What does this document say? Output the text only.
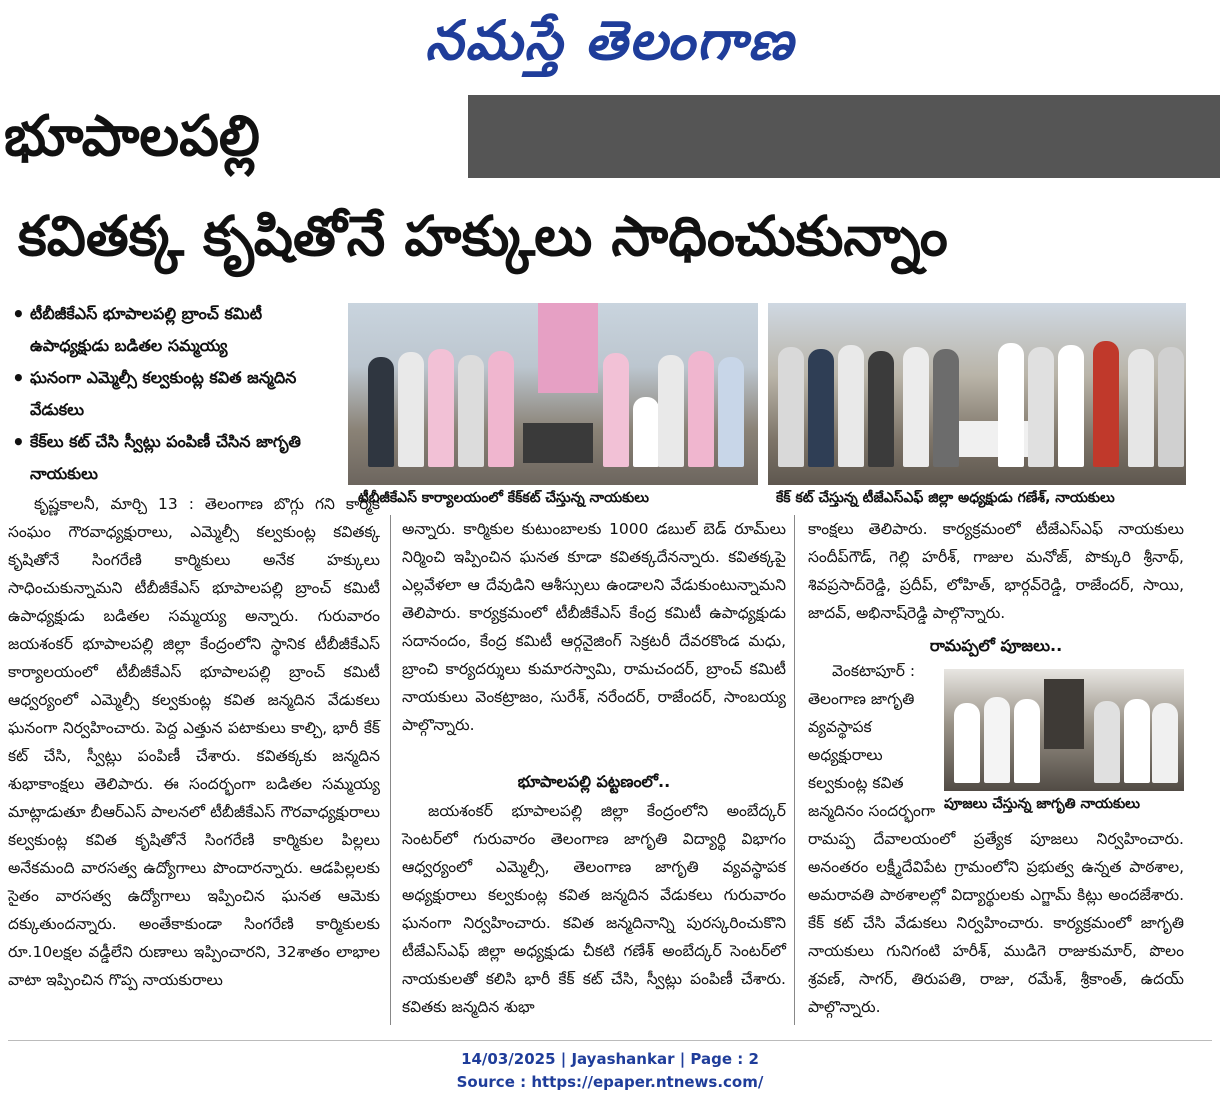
నమస్తే తెలంగాణ
భూపాలపల్లి
కవితక్క కృషితోనే హక్కులు సాధించుకున్నాం
• టీబీజీకేఎస్ భూపాలపల్లి బ్రాంచ్ కమిటీ ఉపాధ్యక్షుడు బడితల సమ్మయ్య
• ఘనంగా ఎమ్మెల్సీ కల్వకుంట్ల కవిత జన్మదిన వేడుకలు
• కేక్‌లు కట్ చేసి స్వీట్లు పంపిణీ చేసిన జాగృతి నాయకులు
టీబీజీకేఎస్ కార్యాలయంలో కేక్‌కట్ చేస్తున్న నాయకులు	కేక్ కట్ చేస్తున్న టీజేఎస్‌ఎఫ్ జిల్లా అధ్యక్షుడు గణేశ్, నాయకులు

కృష్ణకాలనీ, మార్చి 13 : తెలంగాణ బొగ్గు గని కార్మిక సంఘం గౌరవాధ్యక్షురాలు, ఎమ్మెల్సీ కల్వకుంట్ల కవితక్క కృషితోనే సింగరేణి కార్మికులు అనేక హక్కులు సాధించుకున్నామని టీబీజీకేఎస్ భూపాలపల్లి బ్రాంచ్ కమిటీ ఉపాధ్యక్షుడు బడితల సమ్మయ్య అన్నారు. గురువారం జయశంకర్ భూపాలపల్లి జిల్లా కేంద్రంలోని స్థానిక టీబీజీకేఎస్ కార్యాలయంలో టీబీజీకేఎస్ భూపాలపల్లి బ్రాంచ్ కమిటీ ఆధ్వర్యంలో ఎమ్మెల్సీ కల్వకుంట్ల కవిత జన్మదిన వేడుకలు ఘనంగా నిర్వహించారు. పెద్ద ఎత్తున పటాకులు కాల్చి, భారీ కేక్ కట్ చేసి, స్వీట్లు పంపిణీ చేశారు. కవితక్కకు జన్మదిన శుభాకాంక్షలు తెలిపారు. ఈ సందర్భంగా బడితల సమ్మయ్య మాట్లాడుతూ బీఆర్‌ఎస్ పాలనలో టీబీజీకేఎస్ గౌరవాధ్యక్షురాలు కల్వకుంట్ల కవిత కృషితోనే సింగరేణి కార్మికుల పిల్లలు అనేకమంది వారసత్వ ఉద్యోగాలు పొందారన్నారు. ఆడపిల్లలకు సైతం వారసత్వ ఉద్యోగాలు ఇప్పించిన ఘనత ఆమెకు దక్కుతుందన్నారు. అంతేకాకుండా సింగరేణి కార్మికులకు రూ.10లక్షల వడ్డీలేని రుణాలు ఇప్పించారని, 32శాతం లాభాల వాటా ఇప్పించిన గొప్ప నాయకురాలు

అన్నారు. కార్మికుల కుటుంబాలకు 1000 డబుల్ బెడ్ రూమ్‌లు నిర్మించి ఇప్పించిన ఘనత కూడా కవితక్కదేనన్నారు. కవితక్కపై ఎల్లవేళలా ఆ దేవుడిని ఆశీస్సులు ఉండాలని వేడుకుంటున్నామని తెలిపారు. కార్యక్రమంలో టీబీజీకేఎస్ కేంద్ర కమిటీ ఉపాధ్యక్షుడు సదానందం, కేంద్ర కమిటీ ఆర్గనైజింగ్ సెక్రటరీ దేవరకొండ మధు, బ్రాంచి కార్యదర్శులు కుమారస్వామి, రామచందర్, బ్రాంచ్ కమిటీ నాయకులు వెంకట్రాజం, సురేశ్, నరేందర్, రాజేందర్, సాంబయ్య పాల్గొన్నారు.

భూపాలపల్లి పట్టణంలో..

జయశంకర్ భూపాలపల్లి జిల్లా కేంద్రంలోని అంబేద్కర్ సెంటర్‌లో గురువారం తెలంగాణ జాగృతి విద్యార్థి విభాగం ఆధ్వర్యంలో ఎమ్మెల్సీ, తెలంగాణ జాగృతి వ్యవస్థాపక అధ్యక్షురాలు కల్వకుంట్ల కవిత జన్మదిన వేడుకలు గురువారం ఘనంగా నిర్వహించారు. కవిత జన్మదినాన్ని పురస్కరించుకొని టీజేఎస్‌ఎఫ్ జిల్లా అధ్యక్షుడు చీకటి గణేశ్ అంబేద్కర్ సెంటర్‌లో నాయకులతో కలిసి భారీ కేక్ కట్ చేసి, స్వీట్లు పంపిణీ చేశారు. కవితకు జన్మదిన శుభా

కాంక్షలు తెలిపారు. కార్యక్రమంలో టీజేఎస్‌ఎఫ్ నాయకులు సందీప్‌గౌడ్, గెల్లి హరీశ్, గాజుల మనోజ్, పొక్కురి శ్రీనాథ్, శివప్రసాద్‌రెడ్డి, ప్రదీప్, లోహిత్, భార్గవ్‌రెడ్డి, రాజేందర్, సాయి, జాదవ్, అభినాష్‌రెడ్డి పాల్గొన్నారు.

రామప్పలో పూజలు..

వెంకటాపూర్ : తెలంగాణ జాగృతి వ్యవస్థాపక అధ్యక్షురాలు కల్వకుంట్ల కవిత జన్మదినం సందర్భంగా పూజలు చేస్తున్న జాగృతి నాయకులు

రామప్ప దేవాలయంలో ప్రత్యేక పూజలు నిర్వహించారు. అనంతరం లక్ష్మీదేవిపేట గ్రామంలోని ప్రభుత్వ ఉన్నత పాఠశాల, అమరావతి పాఠశాలల్లో విద్యార్థులకు ఎగ్జామ్ కిట్లు అందజేశారు. కేక్ కట్ చేసి వేడుకలు నిర్వహించారు. కార్యక్రమంలో జాగృతి నాయకులు గునిగంటి హరీశ్, ముడిగె రాజుకుమార్, పొలం శ్రవణ్, సాగర్, తిరుపతి, రాజు, రమేశ్, శ్రీకాంత్, ఉదయ్ పాల్గొన్నారు.

14/03/2025 | Jayashankar | Page : 2
Source : https://epaper.ntnews.com/
